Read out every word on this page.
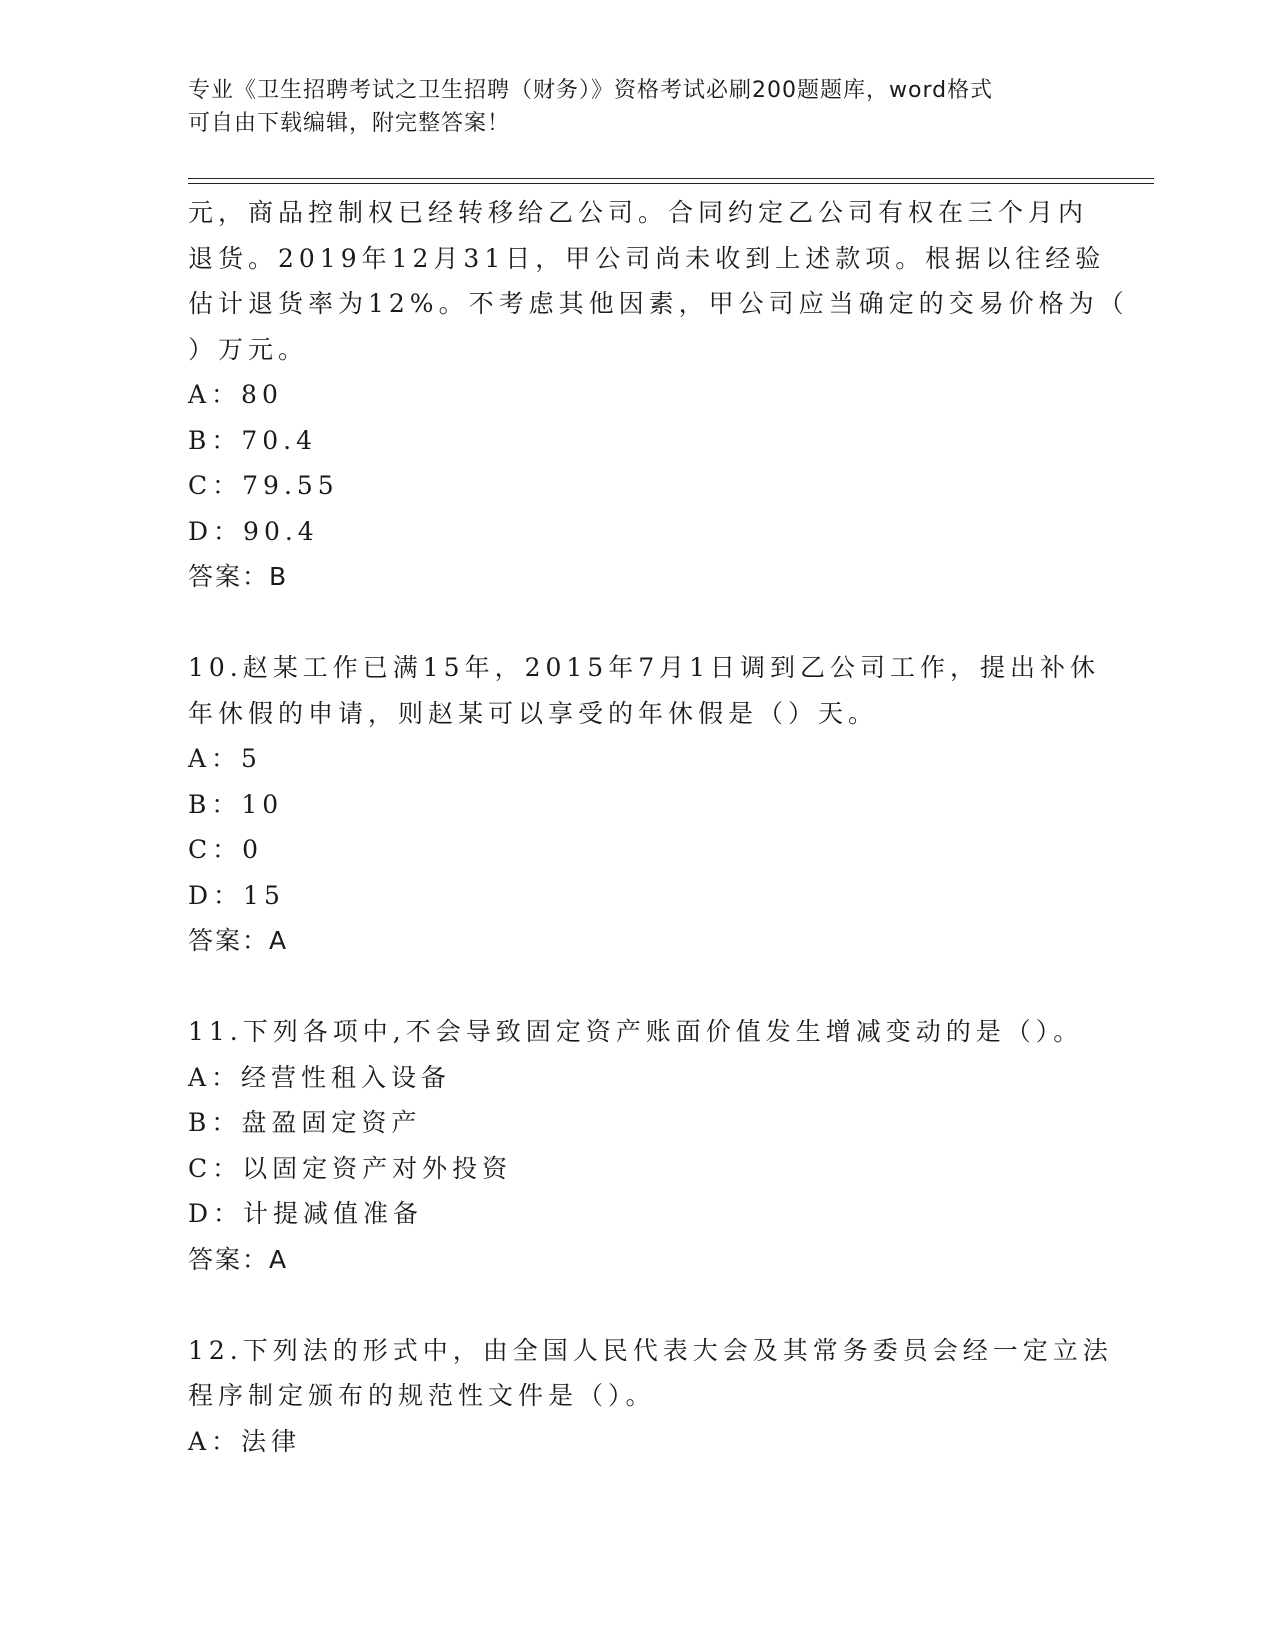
专业《卫生招聘考试之卫生招聘（财务）》资格考试必刷200题题库，word格式
可自由下载编辑，附完整答案！
元，商品控制权已经转移给乙公司。合同约定乙公司有权在三个月内
退货。2019年12月31日，甲公司尚未收到上述款项。根据以往经验
估计退货率为12%。不考虑其他因素，甲公司应当确定的交易价格为（
）万元。
A：80
B：70.4
C：79.55
D：90.4
答案：B
10.赵某工作已满15年，2015年7月1日调到乙公司工作，提出补休
年休假的申请，则赵某可以享受的年休假是（）天。
A：5
B：10
C：0
D：15
答案：A
11.下列各项中,不会导致固定资产账面价值发生增减变动的是（）。
A：经营性租入设备
B：盘盈固定资产
C：以固定资产对外投资
D：计提减值准备
答案：A
12.下列法的形式中，由全国人民代表大会及其常务委员会经一定立法
程序制定颁布的规范性文件是（）。
A：法律
